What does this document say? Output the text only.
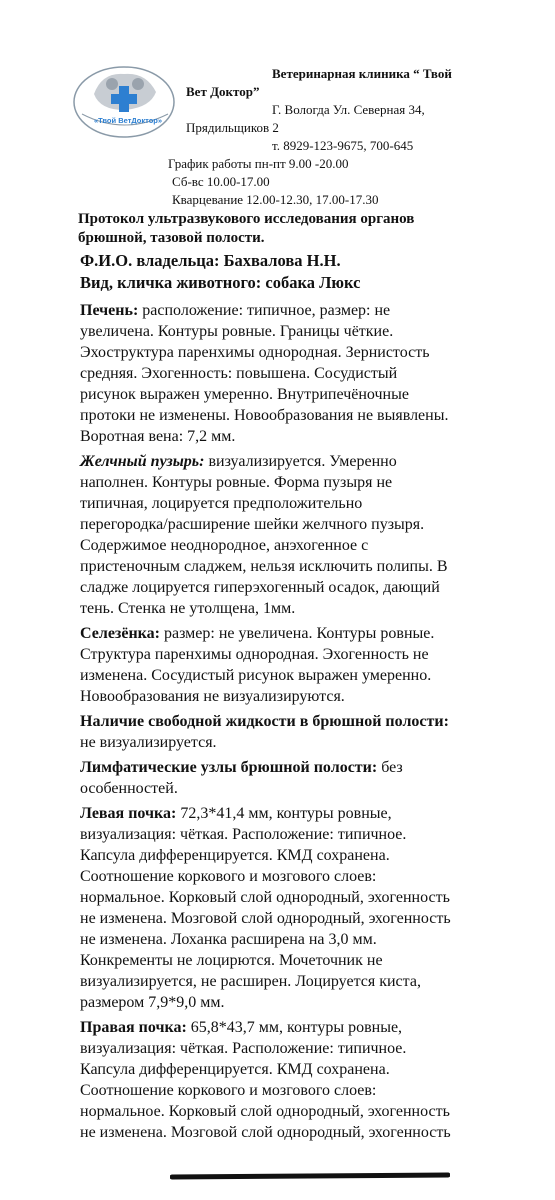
«Твой ВетДоктор»
Ветеринарная клиника “ Твой
Вет Доктор”
Г. Вологда Ул. Северная 34,
Прядильщиков 2
т. 8929-123-9675, 700-645
График работы пн-пт 9.00 -20.00
Сб-вс 10.00-17.00
Кварцевание 12.00-12.30, 17.00-17.30
Протокол ультразвукового исследования органов
брюшной, тазовой полости.

Ф.И.О. владельца: Бахвалова Н.Н.
Вид, кличка животного: собака Люкс

Печень: расположение: типичное, размер: не
увеличена. Контуры ровные. Границы чёткие.
Эхоструктура паренхимы однородная. Зернистость
средняя. Эхогенность: повышена. Сосудистый
рисунок выражен умеренно. Внутрипечёночные
протоки не изменены. Новообразования не выявлены.
Воротная вена: 7,2 мм.

Желчный пузырь: визуализируется. Умеренно
наполнен. Контуры ровные. Форма пузыря не
типичная, лоцируется предположительно
перегородка/расширение шейки желчного пузыря.
Содержимое неоднородное, анэхогенное с
пристеночным сладжем, нельзя исключить полипы. В
сладже лоцируется гиперэхогенный осадок, дающий
тень. Стенка не утолщена, 1мм.

Селезёнка: размер: не увеличена. Контуры ровные.
Структура паренхимы однородная. Эхогенность не
изменена. Сосудистый рисунок выражен умеренно.
Новообразования не визуализируются.

Наличие свободной жидкости в брюшной полости:
не визуализируется.

Лимфатические узлы брюшной полости: без
особенностей.

Левая почка: 72,3*41,4 мм, контуры ровные,
визуализация: чёткая. Расположение: типичное.
Капсула дифференцируется. КМД сохранена.
Соотношение коркового и мозгового слоев:
нормальное. Корковый слой однородный, эхогенность
не изменена. Мозговой слой однородный, эхогенность
не изменена. Лоханка расширена на 3,0 мм.
Конкременты не лоцирются. Мочеточник не
визуализируется, не расширен. Лоцируется киста,
размером 7,9*9,0 мм.

Правая почка: 65,8*43,7 мм, контуры ровные,
визуализация: чёткая. Расположение: типичное.
Капсула дифференцируется. КМД сохранена.
Соотношение коркового и мозгового слоев:
нормальное. Корковый слой однородный, эхогенность
не изменена. Мозговой слой однородный, эхогенность
